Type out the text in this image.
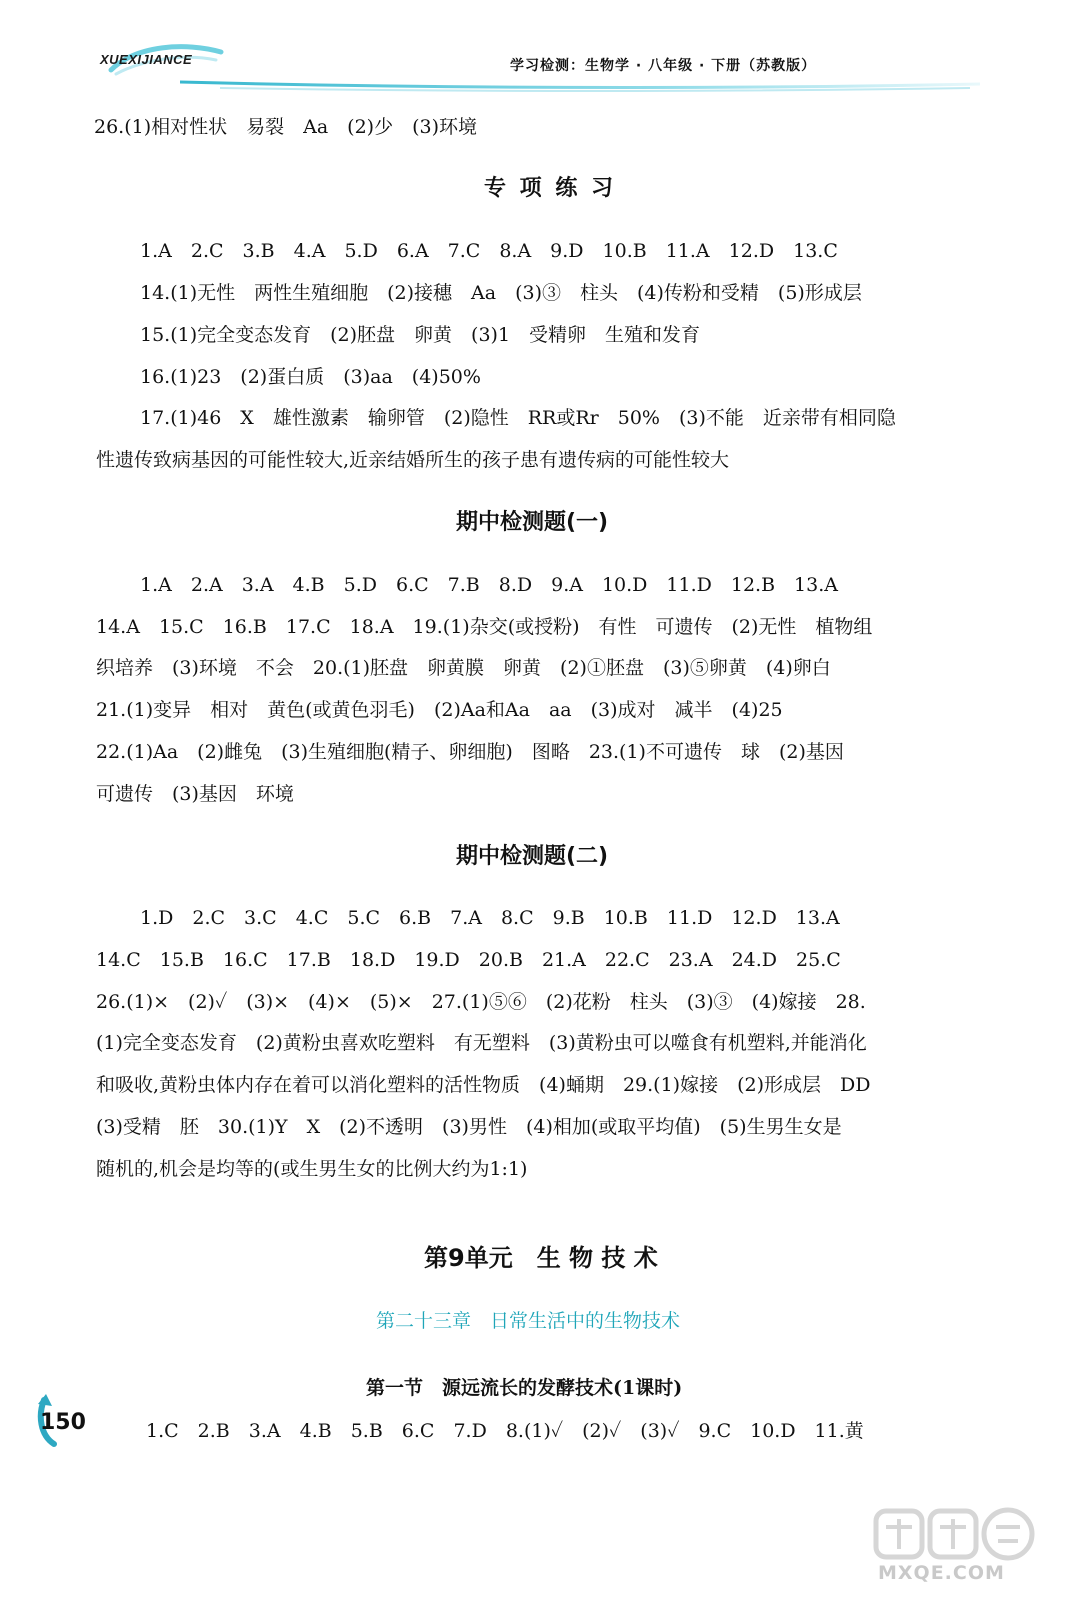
XUEXIJIANCE	学习检测：生物学 · 八年级 · 下册（苏教版）
26.(1)相对性状　易裂　Aa　(2)少　(3)环境
专 项 练 习
1.A　2.C　3.B　4.A　5.D　6.A　7.C　8.A　9.D　10.B　11.A　12.D　13.C
14.(1)无性　两性生殖细胞　(2)接穗　Aa　(3)③　柱头　(4)传粉和受精　(5)形成层
15.(1)完全变态发育　(2)胚盘　卵黄　(3)1　受精卵　生殖和发育
16.(1)23　(2)蛋白质　(3)aa　(4)50%
17.(1)46　X　雄性激素　输卵管　(2)隐性　RR或Rr　50%　(3)不能　近亲带有相同隐
性遗传致病基因的可能性较大,近亲结婚所生的孩子患有遗传病的可能性较大
期中检测题(一)
1.A　2.A　3.A　4.B　5.D　6.C　7.B　8.D　9.A　10.D　11.D　12.B　13.A
14.A　15.C　16.B　17.C　18.A　19.(1)杂交(或授粉)　有性　可遗传　(2)无性　植物组
织培养　(3)环境　不会　20.(1)胚盘　卵黄膜　卵黄　(2)①胚盘　(3)⑤卵黄　(4)卵白
21.(1)变异　相对　黄色(或黄色羽毛)　(2)Aa和Aa　aa　(3)成对　减半　(4)25
22.(1)Aa　(2)雌兔　(3)生殖细胞(精子、卵细胞)　图略　23.(1)不可遗传　球　(2)基因
可遗传　(3)基因　环境
期中检测题(二)
1.D　2.C　3.C　4.C　5.C　6.B　7.A　8.C　9.B　10.B　11.D　12.D　13.A
14.C　15.B　16.C　17.B　18.D　19.D　20.B　21.A　22.C　23.A　24.D　25.C
26.(1)×　(2)✓　(3)×　(4)×　(5)×　27.(1)⑤⑥　(2)花粉　柱头　(3)③　(4)嫁接　28.
(1)完全变态发育　(2)黄粉虫喜欢吃塑料　有无塑料　(3)黄粉虫可以噬食有机塑料,并能消化
和吸收,黄粉虫体内存在着可以消化塑料的活性物质　(4)蛹期　29.(1)嫁接　(2)形成层　DD
(3)受精　胚　30.(1)Y　X　(2)不透明　(3)男性　(4)相加(或取平均值)　(5)生男生女是
随机的,机会是均等的(或生男生女的比例大约为1:1)
第9单元　生 物 技 术
第二十三章　日常生活中的生物技术
第一节　源远流长的发酵技术(1课时)
1.C　2.B　3.A　4.B　5.B　6.C　7.D　8.(1)✓　(2)✓　(3)✓　9.C　10.D　11.黄
150
MXQE.COM
